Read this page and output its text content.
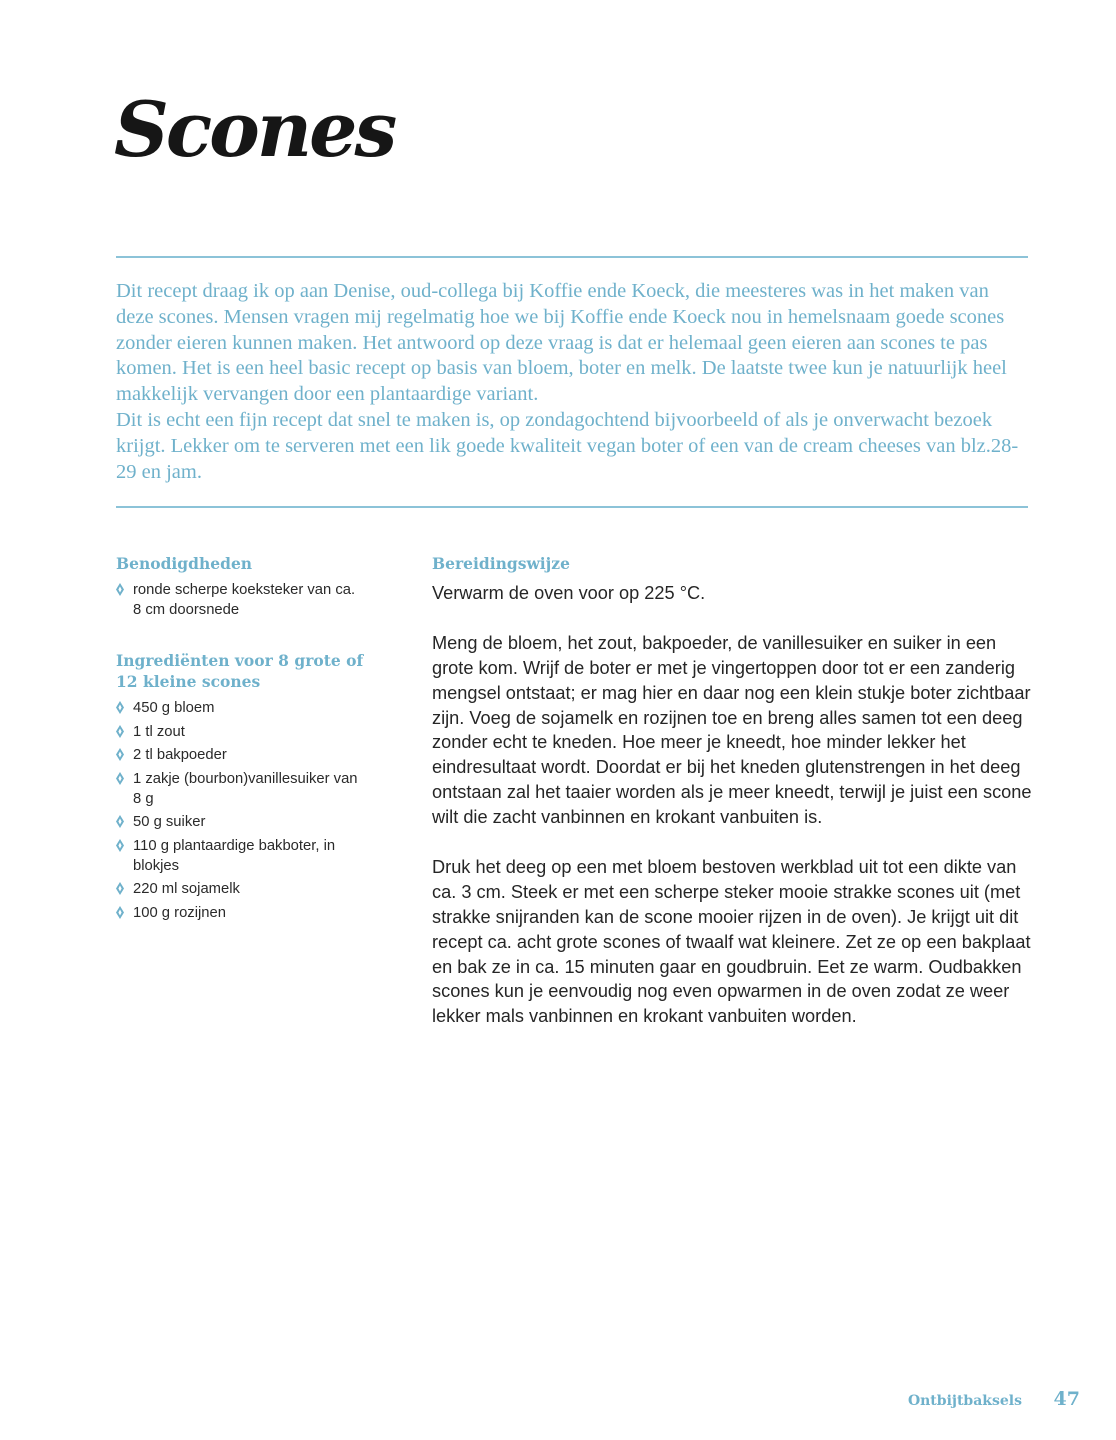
Scones

Dit recept draag ik op aan Denise, oud-collega bij Koffie ende Koeck, die meesteres was in het maken van deze scones. Mensen vragen mij regelmatig hoe we bij Koffie ende Koeck nou in hemelsnaam goede scones zonder eieren kunnen maken. Het antwoord op deze vraag is dat er helemaal geen eieren aan scones te pas komen. Het is een heel basic recept op basis van bloem, boter en melk. De laatste twee kun je natuurlijk heel makkelijk vervangen door een plantaardige variant.

Dit is echt een fijn recept dat snel te maken is, op zondagochtend bijvoorbeeld of als je onverwacht bezoek krijgt. Lekker om te serveren met een lik goede kwaliteit vegan boter of een van de cream cheeses van blz.28-29 en jam.

Benodigdheden
ronde scherpe koeksteker van ca. 8 cm doorsnede
Ingrediënten voor 8 grote of 12 kleine scones
450 g bloem
1 tl zout
2 tl bakpoeder
1 zakje (bourbon)vanillesuiker van 8 g
50 g suiker
110 g plantaardige bakboter, in blokjes
220 ml sojamelk
100 g rozijnen
Bereidingswijze

Verwarm de oven voor op 225 °C.

Meng de bloem, het zout, bakpoeder, de vanillesuiker en suiker in een grote kom. Wrijf de boter er met je vingertoppen door tot er een zanderig mengsel ontstaat; er mag hier en daar nog een klein stukje boter zichtbaar zijn. Voeg de sojamelk en rozijnen toe en breng alles samen tot een deeg zonder echt te kneden. Hoe meer je kneedt, hoe minder lekker het eindresultaat wordt. Doordat er bij het kneden glutenstrengen in het deeg ontstaan zal het taaier worden als je meer kneedt, terwijl je juist een scone wilt die zacht vanbinnen en krokant vanbuiten is.

Druk het deeg op een met bloem bestoven werkblad uit tot een dikte van ca. 3 cm. Steek er met een scherpe steker mooie strakke scones uit (met strakke snijranden kan de scone mooier rijzen in de oven). Je krijgt uit dit recept ca. acht grote scones of twaalf wat kleinere. Zet ze op een bakplaat en bak ze in ca. 15 minuten gaar en goudbruin. Eet ze warm. Oudbakken scones kun je eenvoudig nog even opwarmen in de oven zodat ze weer lekker mals vanbinnen en krokant vanbuiten worden.

Ontbijtbaksels 47
